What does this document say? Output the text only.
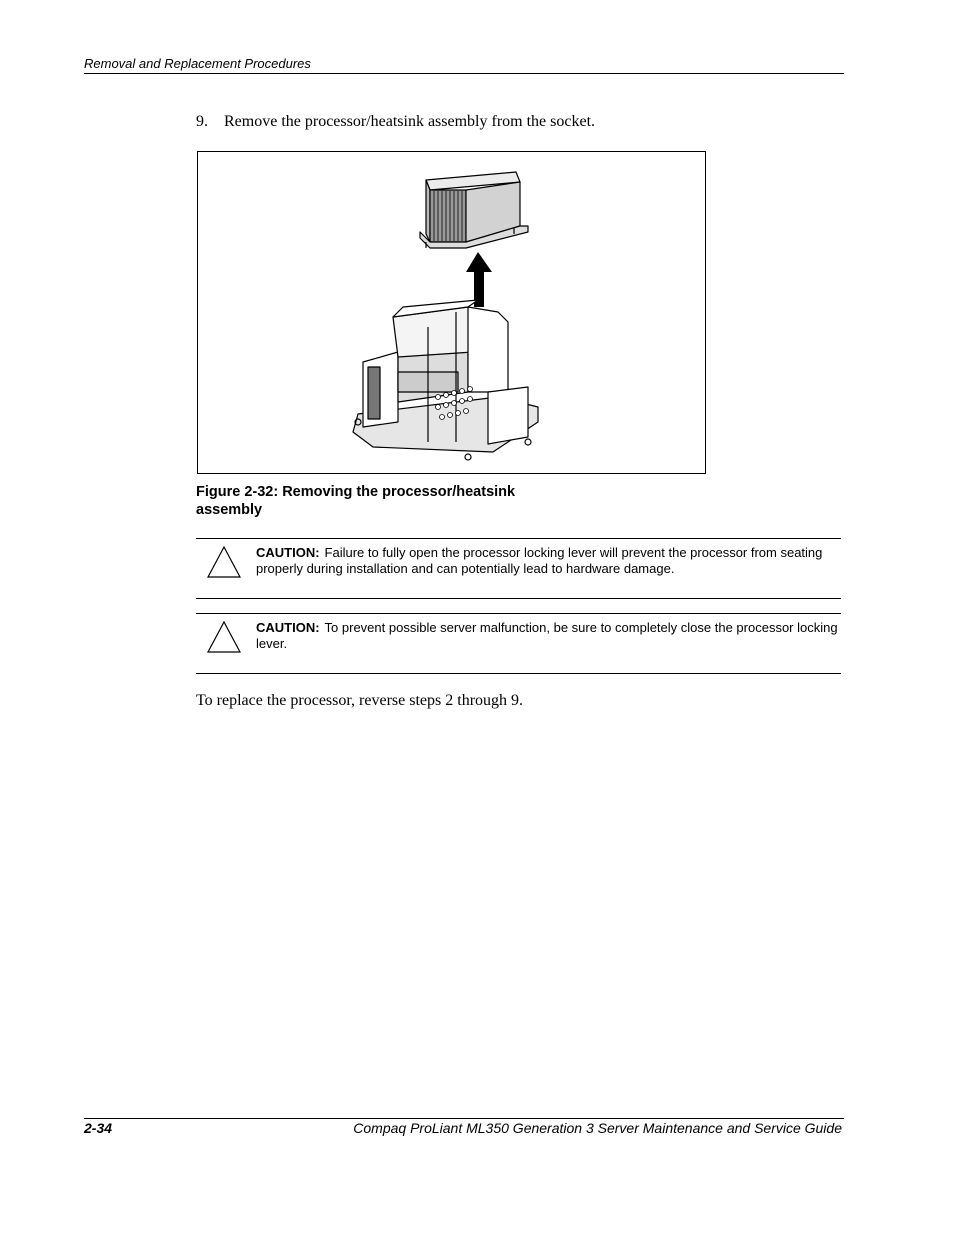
Removal and Replacement Procedures
9. Remove the processor/heatsink assembly from the socket.
Figure 2-32: Removing the processor/heatsink assembly
CAUTION: Failure to fully open the processor locking lever will prevent the processor from seating properly during installation and can potentially lead to hardware damage.
CAUTION: To prevent possible server malfunction, be sure to completely close the processor locking lever.
To replace the processor, reverse steps 2 through 9.
2-34	Compaq ProLiant ML350 Generation 3 Server Maintenance and Service Guide
